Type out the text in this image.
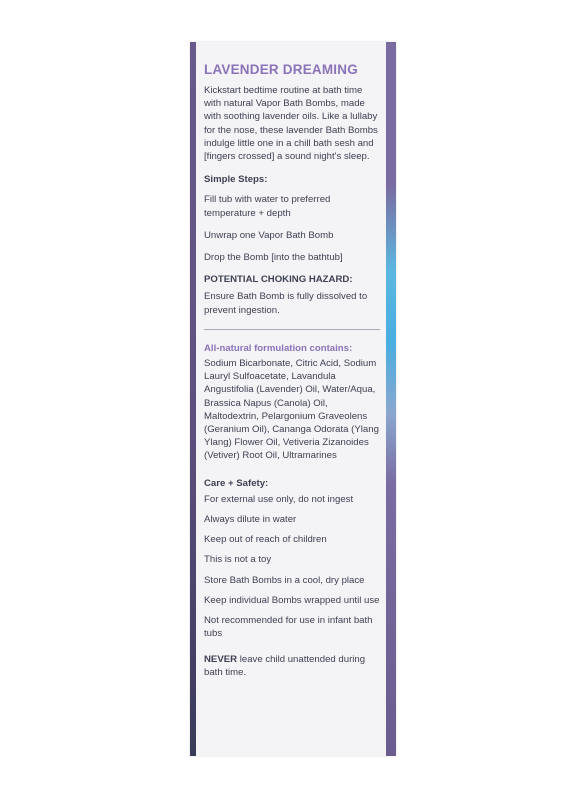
LAVENDER DREAMING
Kickstart bedtime routine at bath time with natural Vapor Bath Bombs, made with soothing lavender oils. Like a lullaby for the nose, these lavender Bath Bombs indulge little one in a chill bath sesh and [fingers crossed] a sound night's sleep.
Simple Steps:
Fill tub with water to preferred temperature + depth
Unwrap one Vapor Bath Bomb
Drop the Bomb [into the bathtub]
POTENTIAL CHOKING HAZARD:
Ensure Bath Bomb is fully dissolved to prevent ingestion.
All-natural formulation contains:
Sodium Bicarbonate, Citric Acid, Sodium Lauryl Sulfoacetate, Lavandula Angustifolia (Lavender) Oil, Water/Aqua, Brassica Napus (Canola) Oil, Maltodextrin, Pelargonium Graveolens (Geranium Oil), Cananga Odorata (Ylang Ylang) Flower Oil, Vetiveria Zizanoides (Vetiver) Root Oil, Ultramarines
Care + Safety:
For external use only, do not ingest
Always dilute in water
Keep out of reach of children
This is not a toy
Store Bath Bombs in a cool, dry place
Keep individual Bombs wrapped until use
Not recommended for use in infant bath tubs
NEVER leave child unattended during bath time.
